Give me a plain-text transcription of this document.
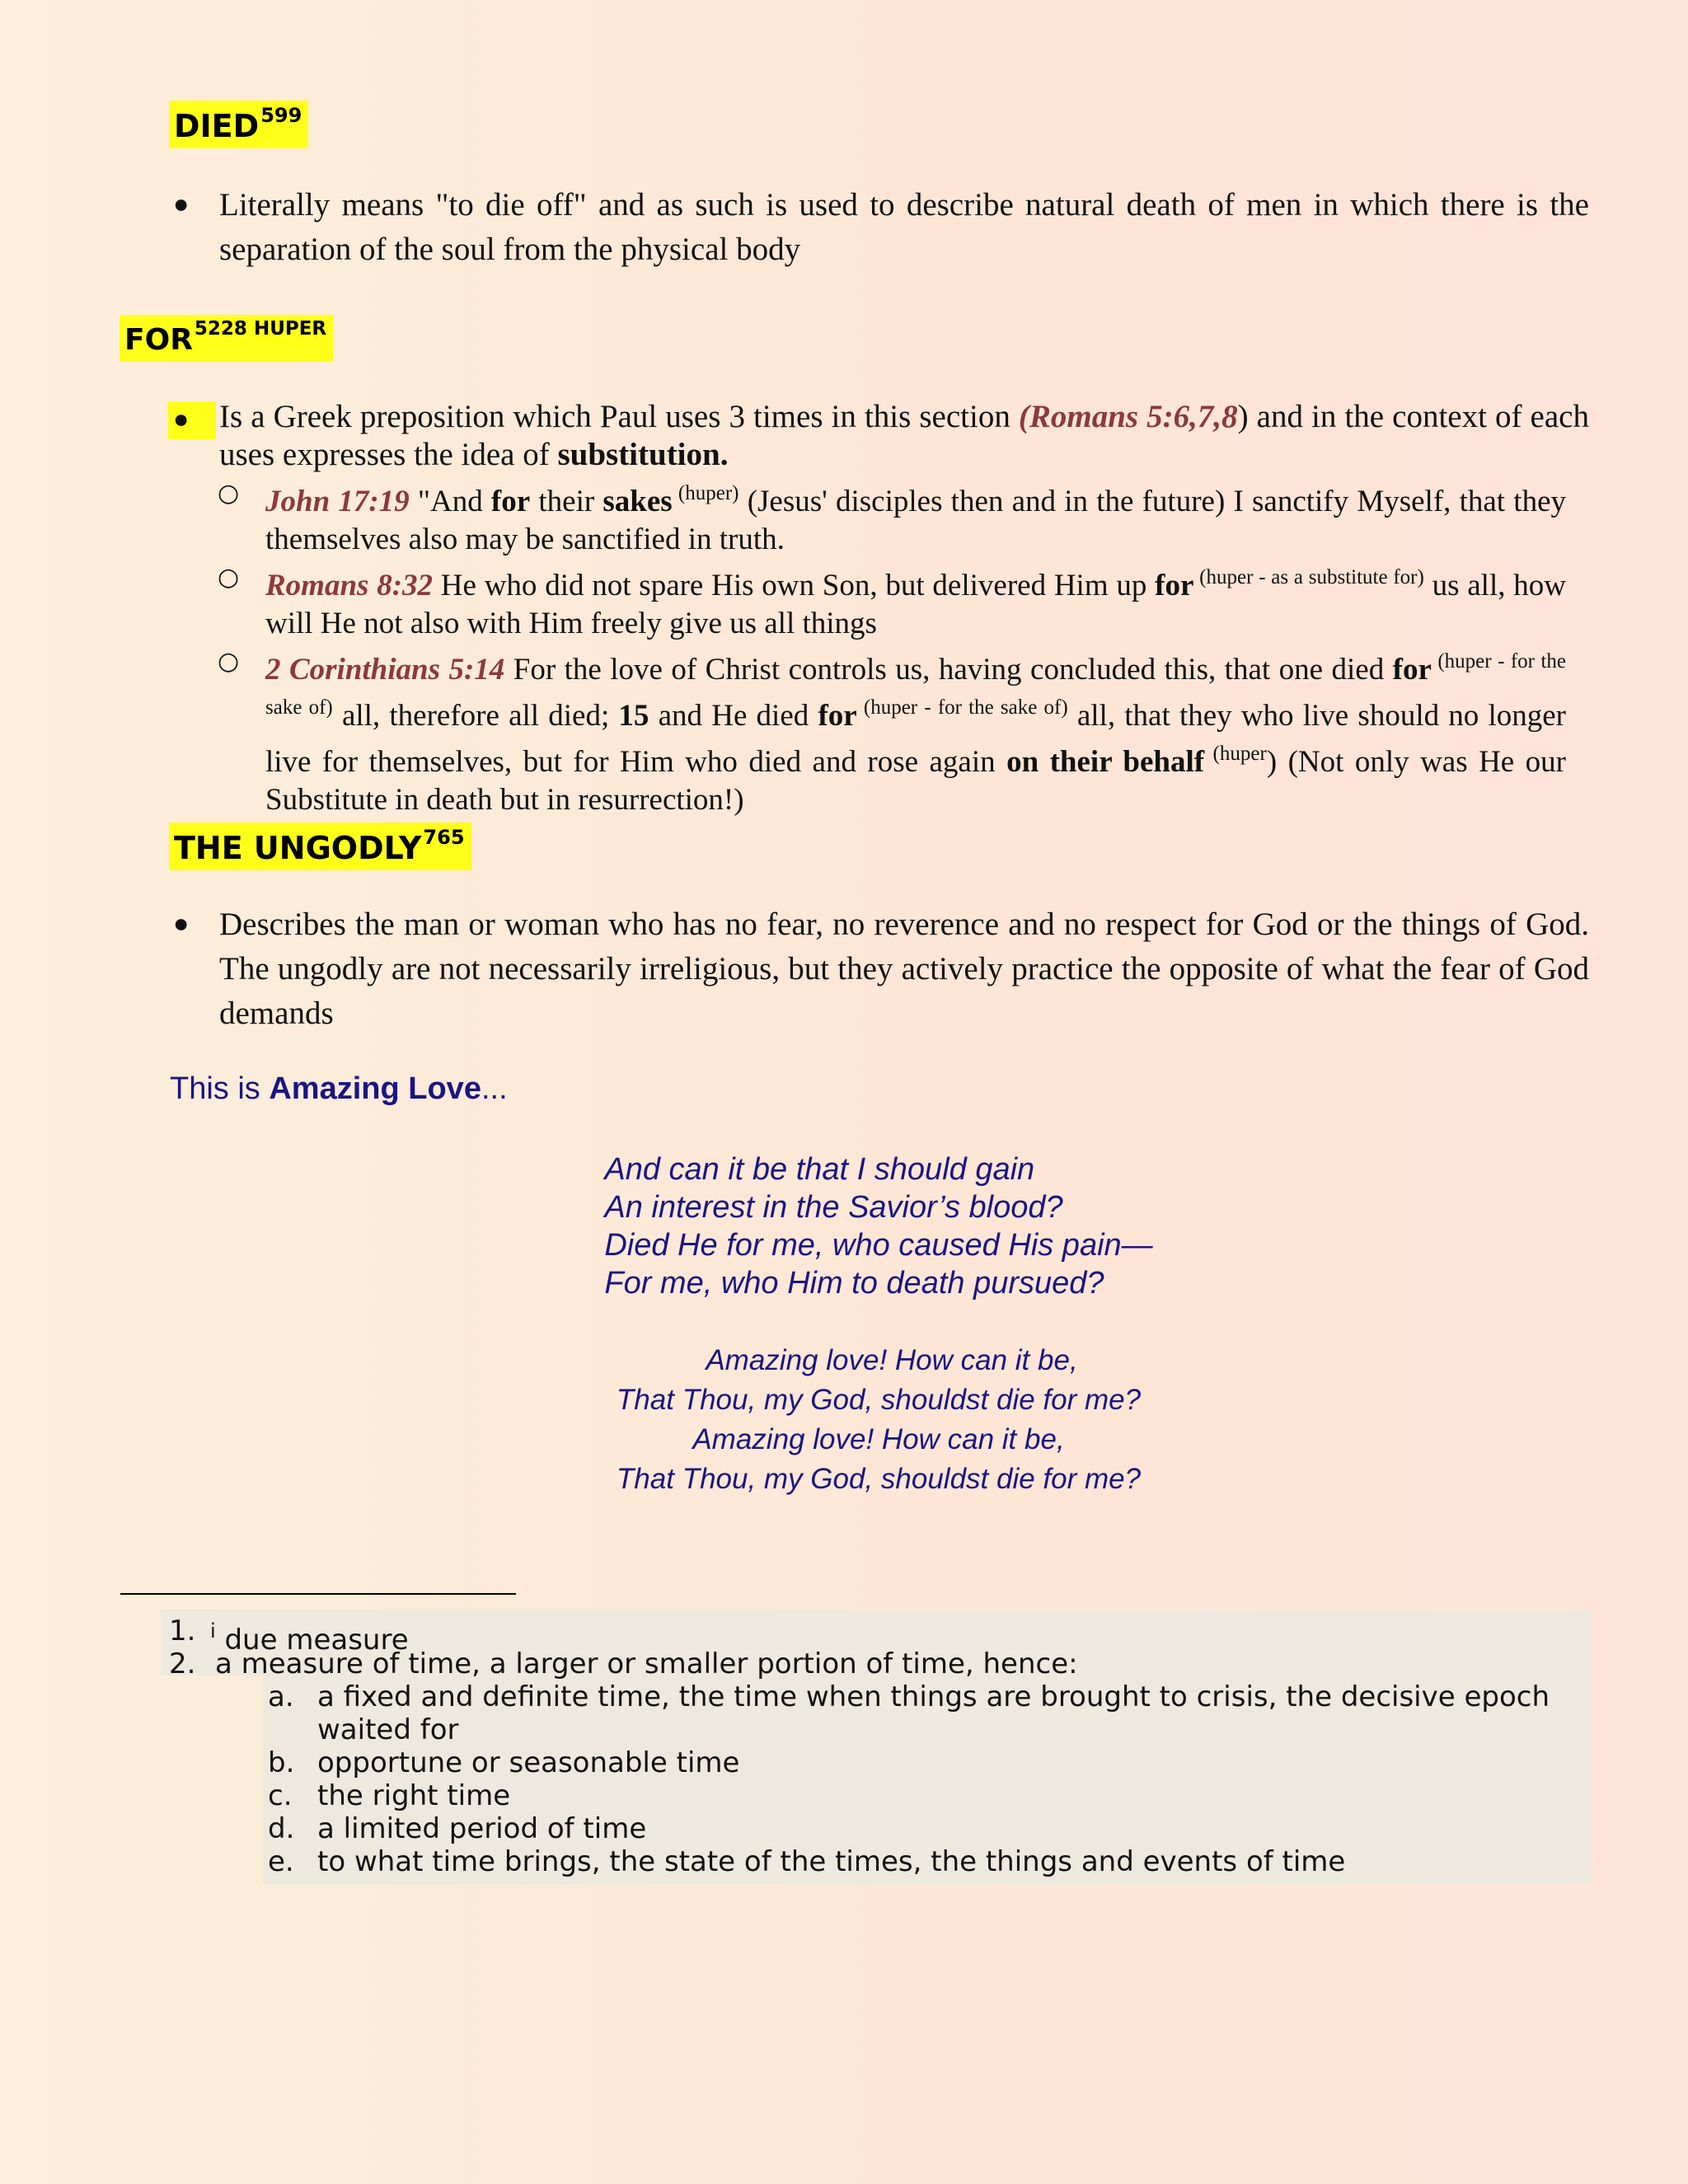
DIED$^{599}$
● Literally means "to die off" and as such is used to describe natural death of men in which there is the separation of the soul from the physical body
$FOR^{5228 HUPER}$
● Is a Greek preposition which Paul uses 3 times in this section (Romans 5:6,7,8) and in the context of each uses expresses the idea of substitution.
○ John 17:19 "And for their sakes $^{(huper)}$ (Jesus' disciples then and in the future) I sanctify Myself, that they themselves also may be sanctified in truth.
○ Romans 8:32 He who did not spare His own Son, but delivered Him up for $^{(huper - as a substitute for)}$ us all, how will He not also with Him freely give us all things
○ 2 Corinthians 5:14 For the love of Christ controls us, having concluded this, that one died for $^{(huper - for the sake of)}$ all, therefore all died; 15 and He died for $^{(huper - for the sake of)}$ all, that they who live should no longer live for themselves, but for Him who died and rose again on their behalf $^{(huper}$) (Not only was He our Substitute in death but in resurrection!)
THE UNGODLY$^{765}$
● Describes the man or woman who has no fear, no reverence and no respect for God or the things of God. The ungodly are not necessarily irreligious, but they actively practice the opposite of what the fear of God demands
This is Amazing Love...
And can it be that I should gain
An interest in the Savior’s blood?
Died He for me, who caused His pain—
For me, who Him to death pursued?
Amazing love! How can it be,
That Thou, my God, shouldst die for me?
Amazing love! How can it be,
That Thou, my God, shouldst die for me?
1. $^i$ due measure
2. a measure of time, a larger or smaller portion of time, hence:
a. a fixed and definite time, the time when things are brought to crisis, the decisive epoch
waited for
b. opportune or seasonable time
c. the right time
d. a limited period of time
e. to what time brings, the state of the times, the things and events of time
